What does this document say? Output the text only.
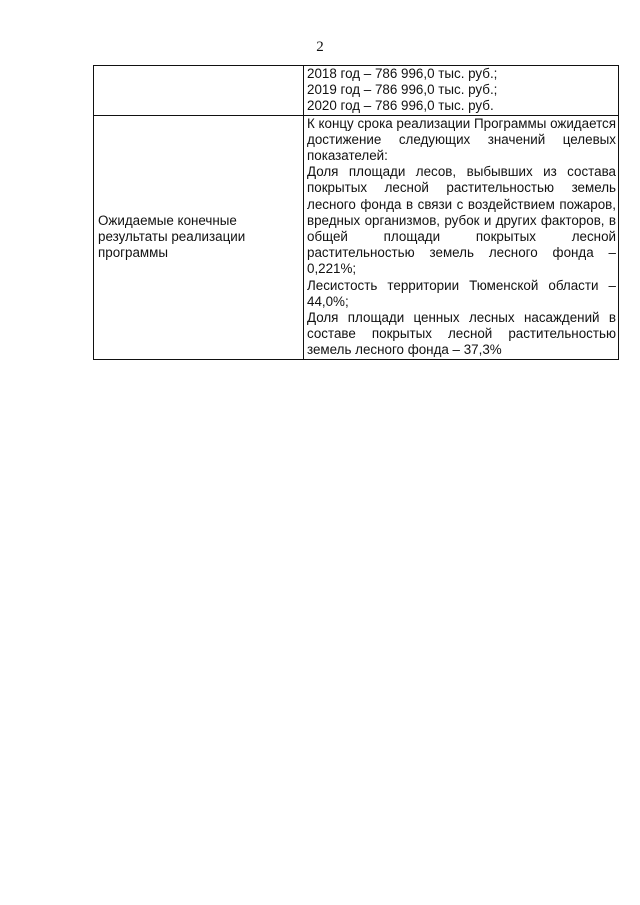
2

	2018 год – 786 996,0 тыс. руб.;
2019 год – 786 996,0 тыс. руб.;
2020 год – 786 996,0 тыс. руб.

Ожидаемые конечные результаты реализации программы	К концу срока реализации Программы ожидается достижение следующих значений целевых показателей:
Доля площади лесов, выбывших из состава покрытых лесной растительностью земель лесного фонда в связи с воздействием пожаров, вредных организмов, рубок и других факторов, в общей площади покрытых лесной растительностью земель лесного фонда – 0,221%;
Лесистость территории Тюменской области – 44,0%;
Доля площади ценных лесных насаждений в составе покрытых лесной растительностью земель лесного фонда – 37,3%
